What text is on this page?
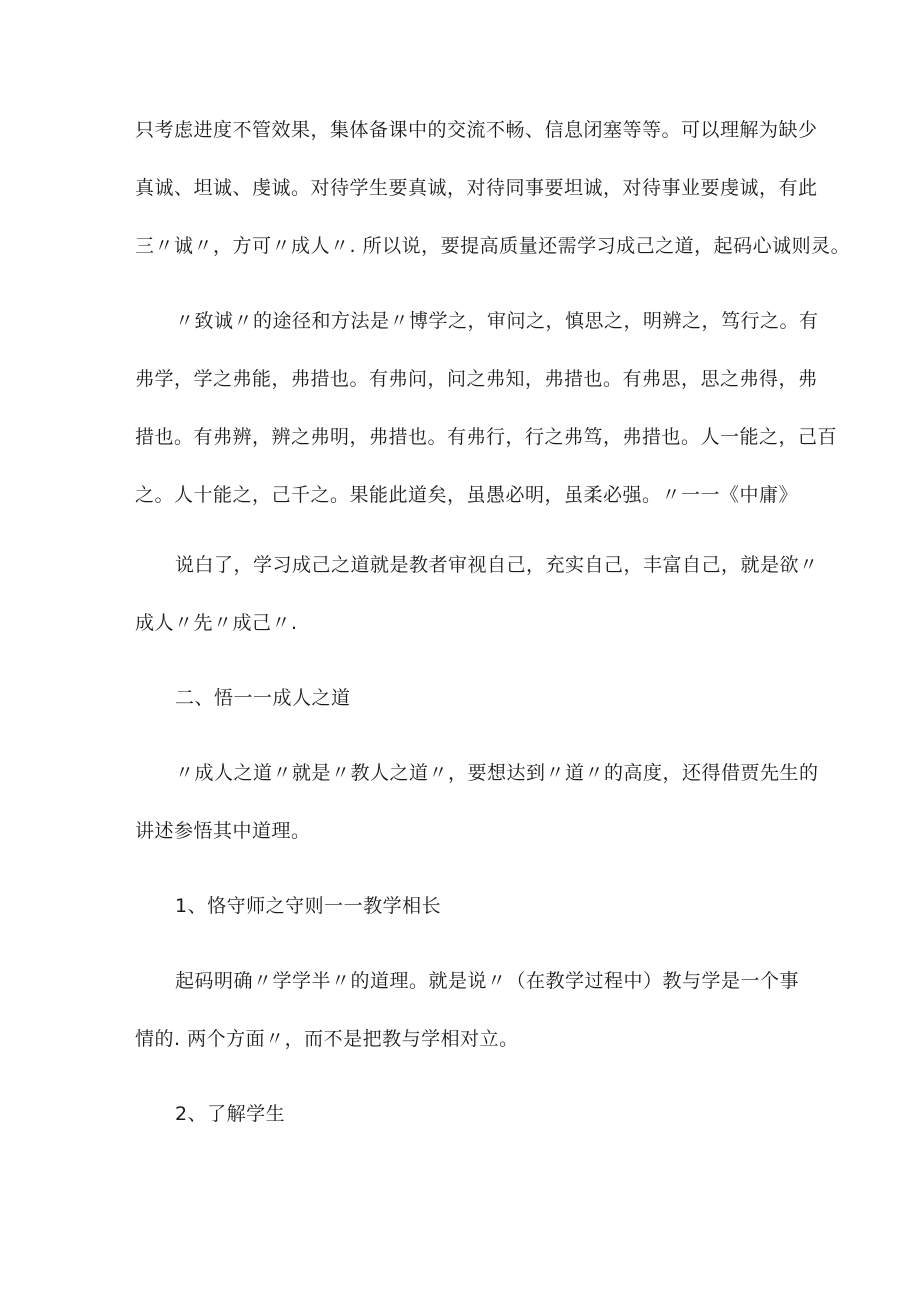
只考虑进度不管效果，集体备课中的交流不畅、信息闭塞等等。可以理解为缺少
真诚、坦诚、虔诚。对待学生要真诚，对待同事要坦诚，对待事业要虔诚，有此
三〃诚〃，方可〃成人〃. 所以说，要提高质量还需学习成己之道，起码心诚则灵。
〃致诚〃的途径和方法是〃博学之，审问之，慎思之，明辨之，笃行之。有
弗学，学之弗能，弗措也。有弗问，问之弗知，弗措也。有弗思，思之弗得，弗
措也。有弗辨，辨之弗明，弗措也。有弗行，行之弗笃，弗措也。人一能之，己百
之。人十能之，己千之。果能此道矣，虽愚必明，虽柔必强。〃一一《中庸》
说白了，学习成己之道就是教者审视自己，充实自己，丰富自己，就是欲〃
成人〃先〃成己〃.
二、悟一一成人之道
〃成人之道〃就是〃教人之道〃，要想达到〃道〃的高度，还得借贾先生的
讲述参悟其中道理。
1、恪守师之守则一一教学相长
起码明确〃学学半〃的道理。就是说〃（在教学过程中）教与学是一个事
情的. 两个方面〃，而不是把教与学相对立。
2、了解学生
